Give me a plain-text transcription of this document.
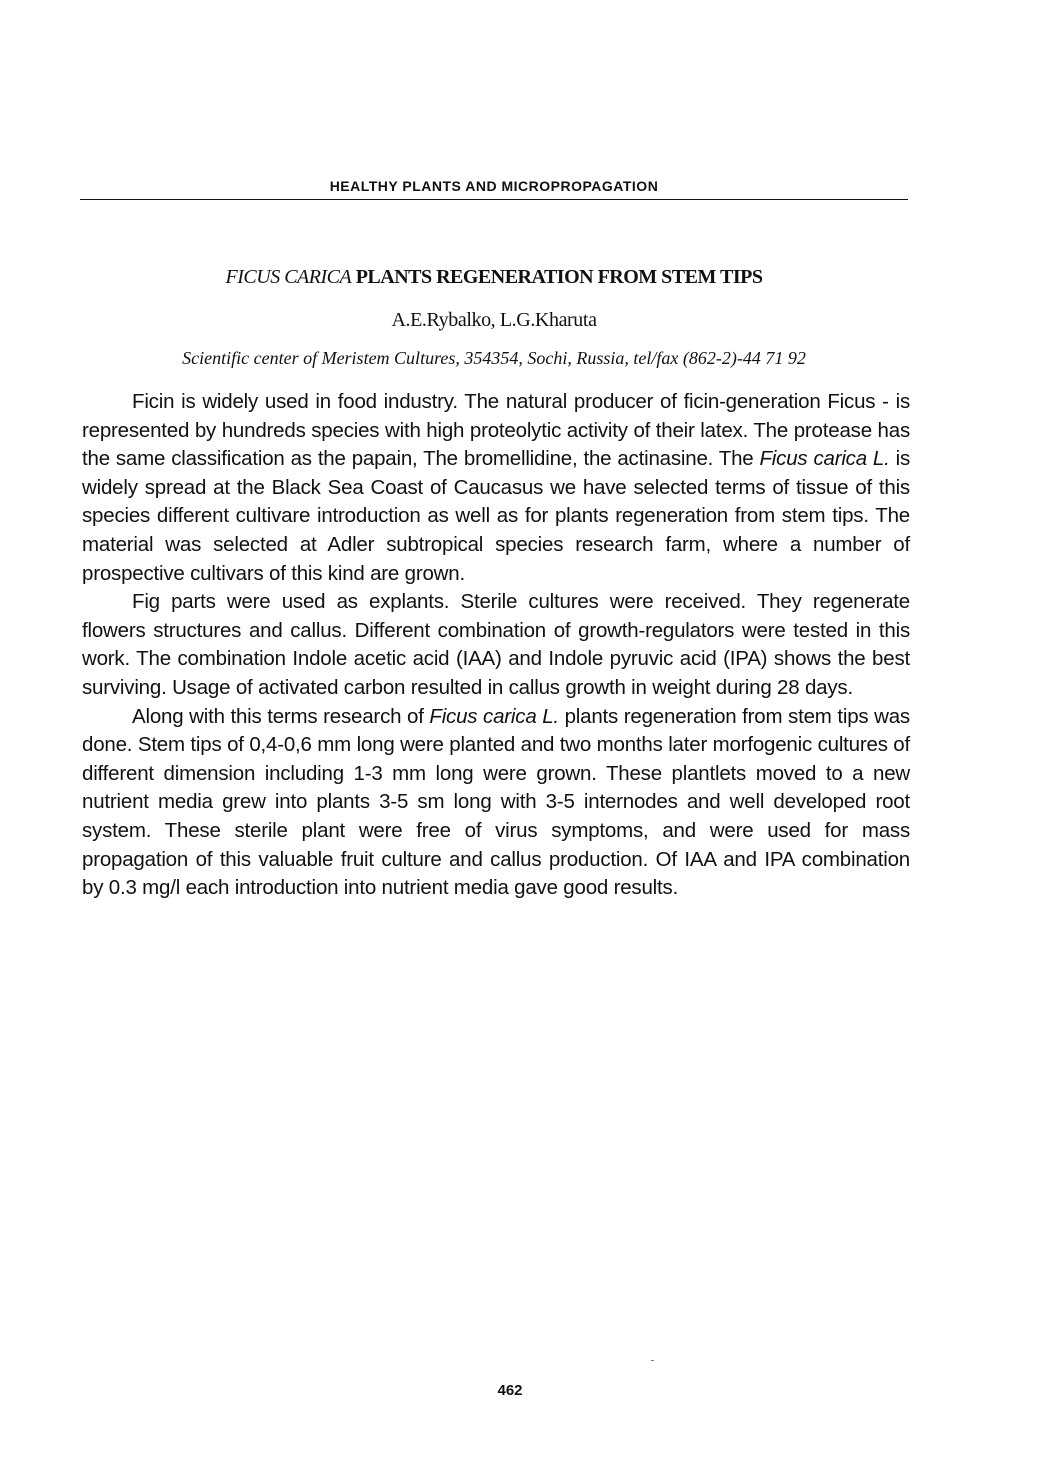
HEALTHY PLANTS AND MICROPROPAGATION
FICUS CARICA PLANTS REGENERATION FROM STEM TIPS
A.E.Rybalko, L.G.Kharuta
Scientific center of Meristem Cultures, 354354, Sochi, Russia, tel/fax (862-2)-44 71 92

Ficin is widely used in food industry. The natural producer of ficin-generation Ficus - is represented by hundreds species with high proteolytic activity of their latex. The protease has the same classification as the papain, The bromellidine, the actinasine. The Ficus carica L. is widely spread at the Black Sea Coast of Caucasus we have selected terms of tissue of this species different cultivare introduction as well as for plants regeneration from stem tips. The material was selected at Adler subtropical species research farm, where a number of prospective cultivars of this kind are grown.

Fig parts were used as explants. Sterile cultures were received. They regenerate flowers structures and callus. Different combination of growth-regulators were tested in this work. The combination Indole acetic acid (IAA) and Indole pyruvic acid (IPA) shows the best surviving. Usage of activated carbon resulted in callus growth in weight during 28 days.

Along with this terms research of Ficus carica L. plants regeneration from stem tips was done. Stem tips of 0,4-0,6 mm long were planted and two months later morfogenic cultures of different dimension including 1-3 mm long were grown. These plantlets moved to a new nutrient media grew into plants 3-5 sm long with 3-5 internodes and well developed root system. These sterile plant were free of virus symptoms, and were used for mass propagation of this valuable fruit culture and callus production. Of IAA and IPA combination by 0.3 mg/l each introduction into nutrient media gave good results.

462
